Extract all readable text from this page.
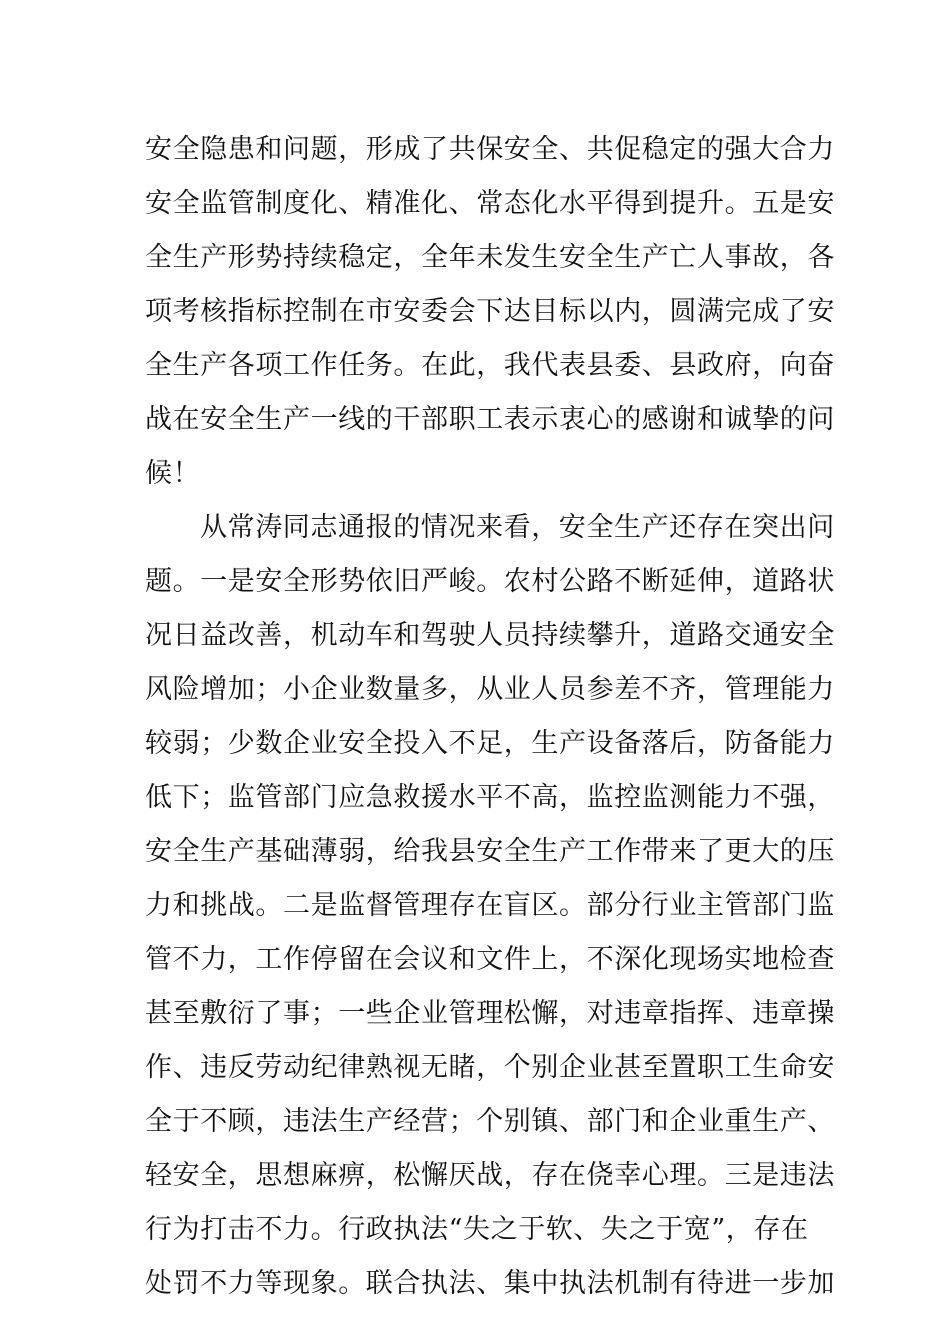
安全隐患和问题，形成了共保安全、共促稳定的强大合力

安全监管制度化、精准化、常态化水平得到提升。五是安

全生产形势持续稳定，全年未发生安全生产亡人事故，各

项考核指标控制在市安委会下达目标以内，圆满完成了安

全生产各项工作任务。在此，我代表县委、县政府，向奋

战在安全生产一线的干部职工表示衷心的感谢和诚挚的问

候！

从常涛同志通报的情况来看，安全生产还存在突出问

题。一是安全形势依旧严峻。农村公路不断延伸，道路状

况日益改善，机动车和驾驶人员持续攀升，道路交通安全

风险增加；小企业数量多，从业人员参差不齐，管理能力

较弱；少数企业安全投入不足，生产设备落后，防备能力

低下；监管部门应急救援水平不高，监控监测能力不强，

安全生产基础薄弱，给我县安全生产工作带来了更大的压

力和挑战。二是监督管理存在盲区。部分行业主管部门监

管不力，工作停留在会议和文件上，不深化现场实地检查

甚至敷衍了事；一些企业管理松懈，对违章指挥、违章操

作、违反劳动纪律熟视无睹，个别企业甚至置职工生命安

全于不顾，违法生产经营；个别镇、部门和企业重生产、

轻安全，思想麻痹，松懈厌战，存在侥幸心理。三是违法

行为打击不力。行政执法“失之于软、失之于宽”，存在

处罚不力等现象。联合执法、集中执法机制有待进一步加
